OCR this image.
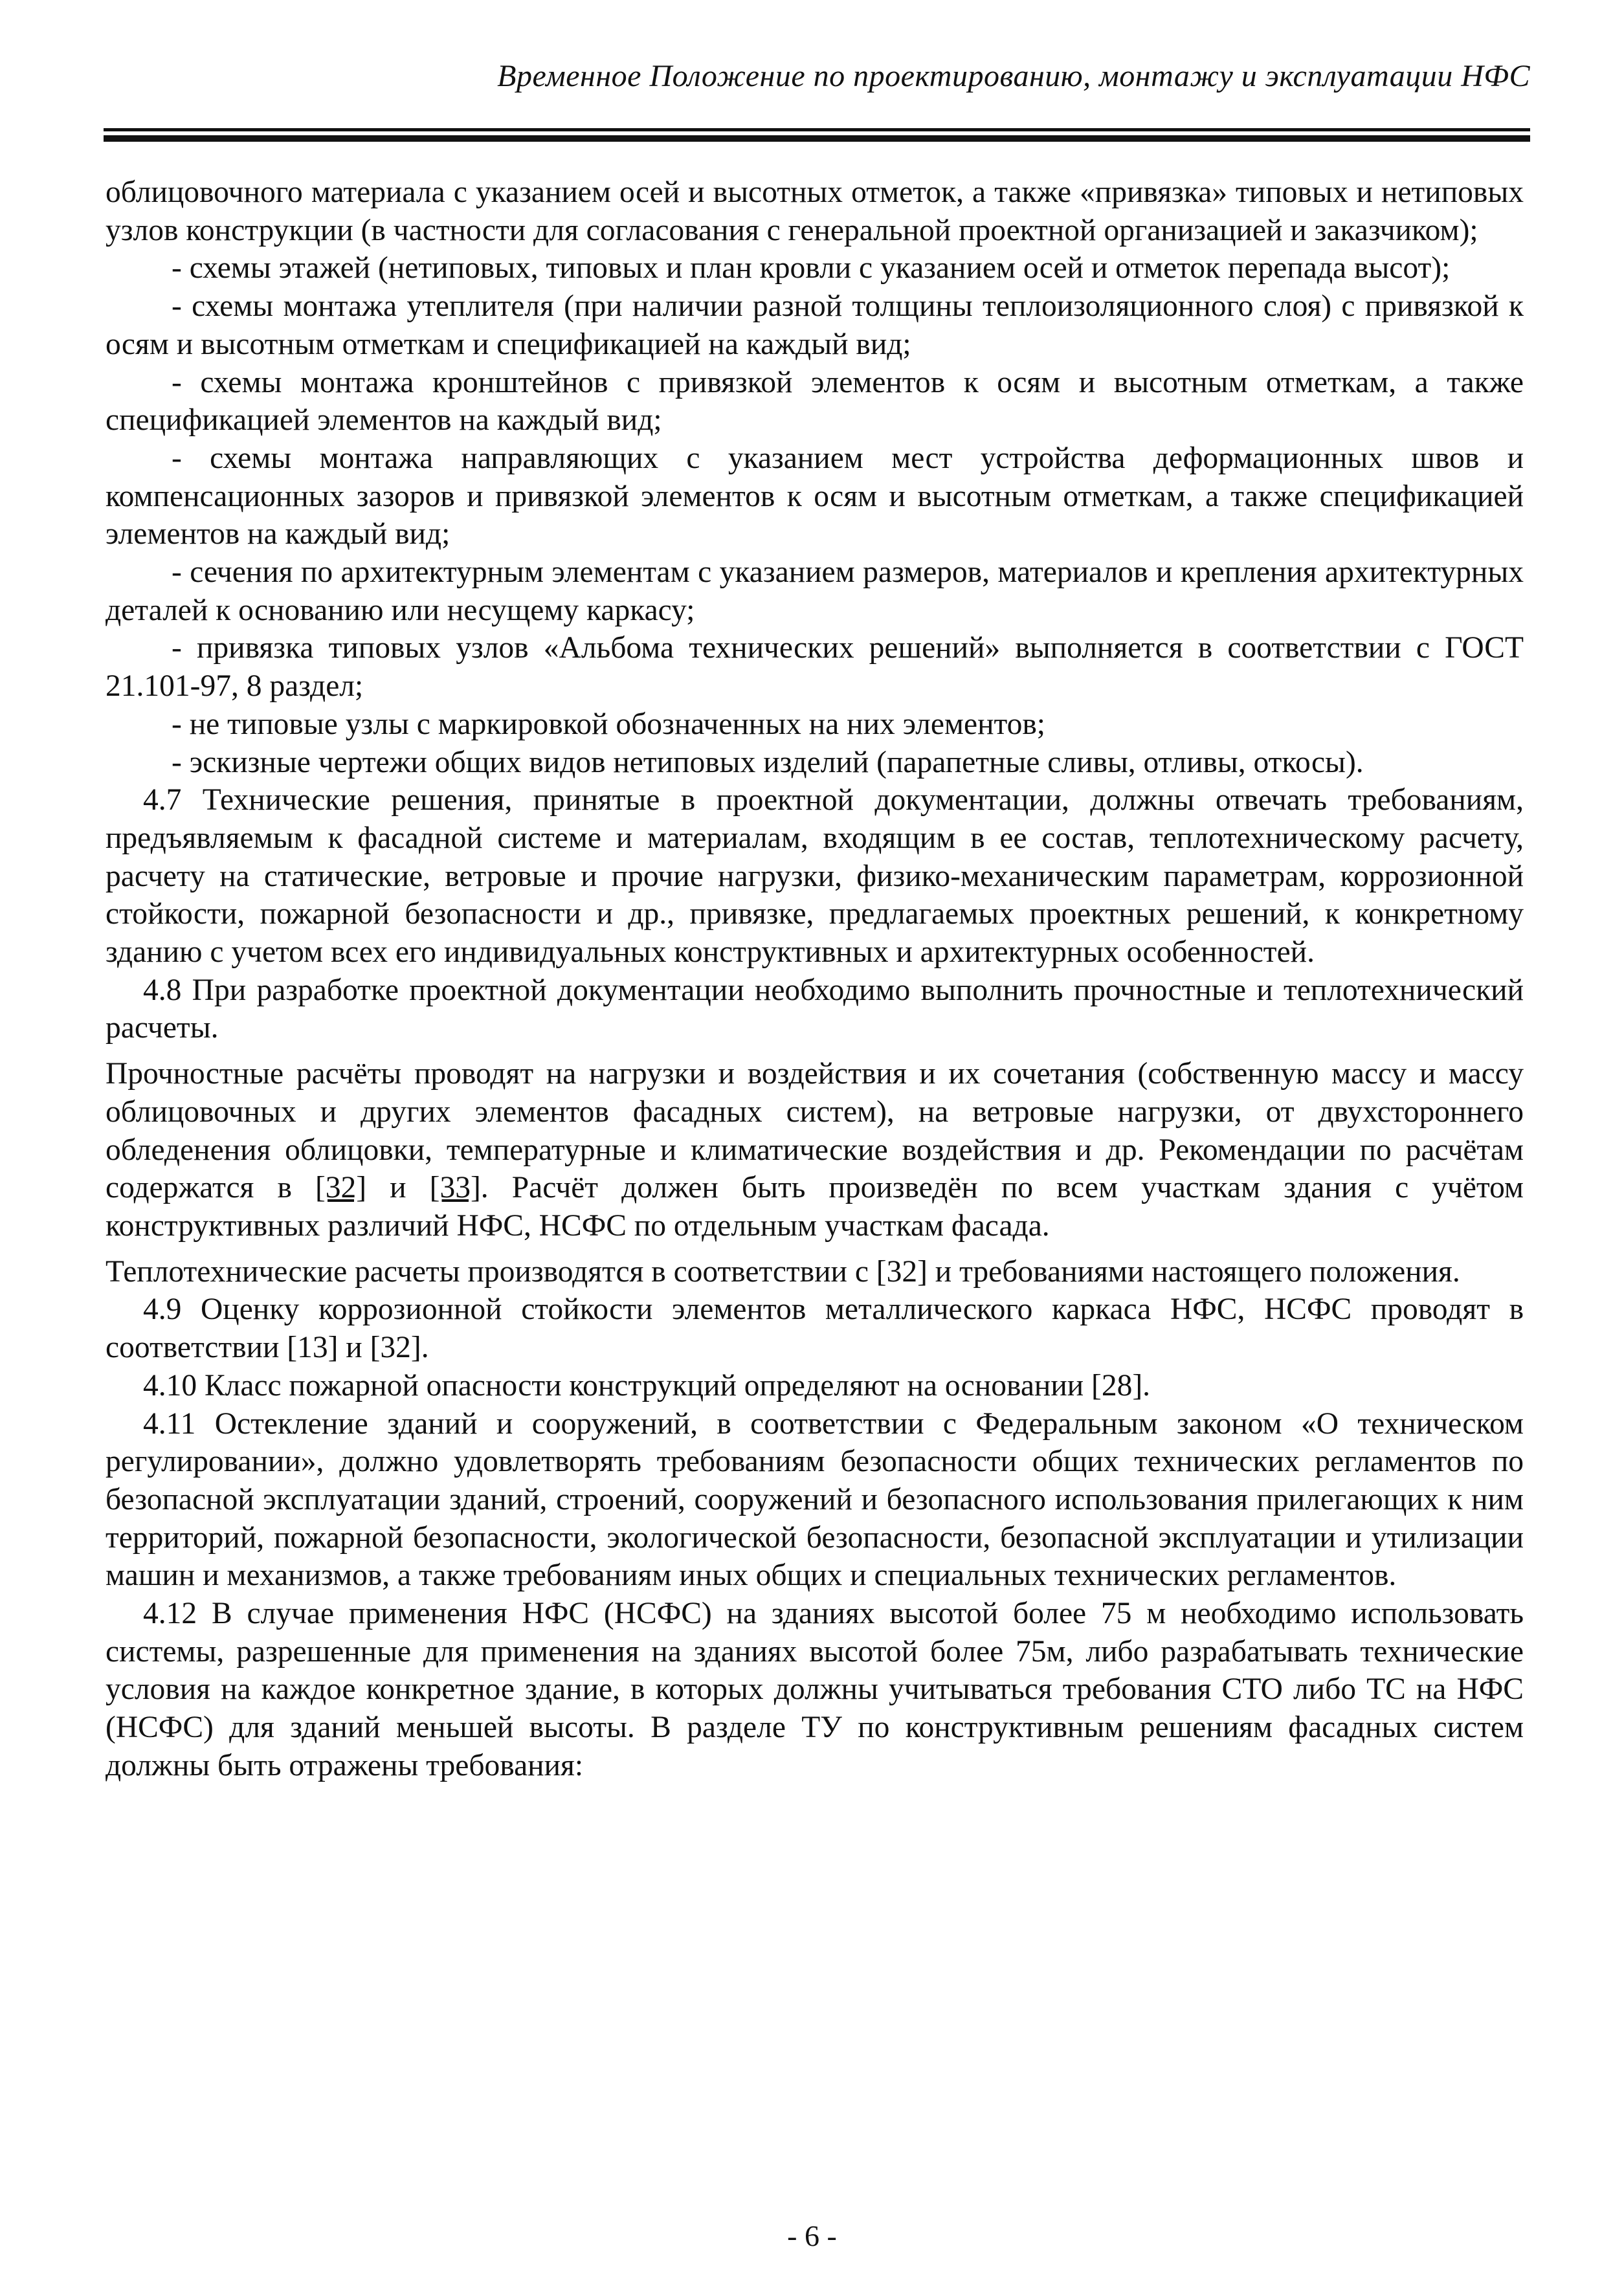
Временное Положение по проектированию, монтажу и эксплуатации НФС

облицовочного материала с указанием осей и высотных отметок, а также «привязка» типовых и нетиповых узлов конструкции (в частности для согласования с генеральной проектной организацией и заказчиком);

- схемы этажей (нетиповых, типовых и план кровли с указанием осей и отметок перепада высот);

- схемы монтажа утеплителя (при наличии разной толщины теплоизоляционного слоя) с привязкой к осям и высотным отметкам и спецификацией на каждый вид;

- схемы монтажа кронштейнов с привязкой элементов к осям и высотным отметкам, а также спецификацией элементов на каждый вид;

- схемы монтажа направляющих с указанием мест устройства деформационных швов и компенсационных зазоров и привязкой элементов к осям и высотным отметкам, а также спецификацией элементов на каждый вид;

- сечения по архитектурным элементам с указанием размеров, материалов и крепления архитектурных деталей к основанию или несущему каркасу;

- привязка типовых узлов «Альбома технических решений» выполняется в соответствии с ГОСТ 21.101-97, 8 раздел;

- не типовые узлы с маркировкой обозначенных на них элементов;

- эскизные чертежи общих видов нетиповых изделий (парапетные сливы, отливы, откосы).

4.7 Технические решения, принятые в проектной документации, должны отвечать требованиям, предъявляемым к фасадной системе и материалам, входящим в ее состав, теплотехническому расчету, расчету на статические, ветровые и прочие нагрузки, физико-механическим параметрам, коррозионной стойкости, пожарной безопасности и др., привязке, предлагаемых проектных решений, к конкретному зданию с учетом всех его индивидуальных конструктивных и архитектурных особенностей.

4.8 При разработке проектной документации необходимо выполнить прочностные и теплотехнический расчеты.

Прочностные расчёты проводят на нагрузки и воздействия и их сочетания (собственную массу и массу облицовочных и других элементов фасадных систем), на ветровые нагрузки, от двухстороннего обледенения облицовки, температурные и климатические воздействия и др. Рекомендации по расчётам содержатся в [32] и [33]. Расчёт должен быть произведён по всем участкам здания с учётом конструктивных различий НФС, НСФС по отдельным участкам фасада.

Теплотехнические расчеты производятся в соответствии с [32] и требованиями настоящего положения.

4.9 Оценку коррозионной стойкости элементов металлического каркаса НФС, НСФС проводят в соответствии [13] и [32].

4.10 Класс пожарной опасности конструкций определяют на основании [28].

4.11 Остекление зданий и сооружений, в соответствии с Федеральным законом «О техническом регулировании», должно удовлетворять требованиям безопасности общих технических регламентов по безопасной эксплуатации зданий, строений, сооружений и безопасного использования прилегающих к ним территорий, пожарной безопасности, экологической безопасности, безопасной эксплуатации и утилизации машин и механизмов, а также требованиям иных общих и специальных технических регламентов.

4.12 В случае применения НФС (НСФС) на зданиях высотой более 75 м необходимо использовать системы, разрешенные для применения на зданиях высотой более 75м, либо разрабатывать технические условия на каждое конкретное здание, в которых должны учитываться требования СТО либо ТС на НФС (НСФС) для зданий меньшей высоты. В разделе ТУ по конструктивным решениям фасадных систем должны быть отражены требования:

- 6 -
